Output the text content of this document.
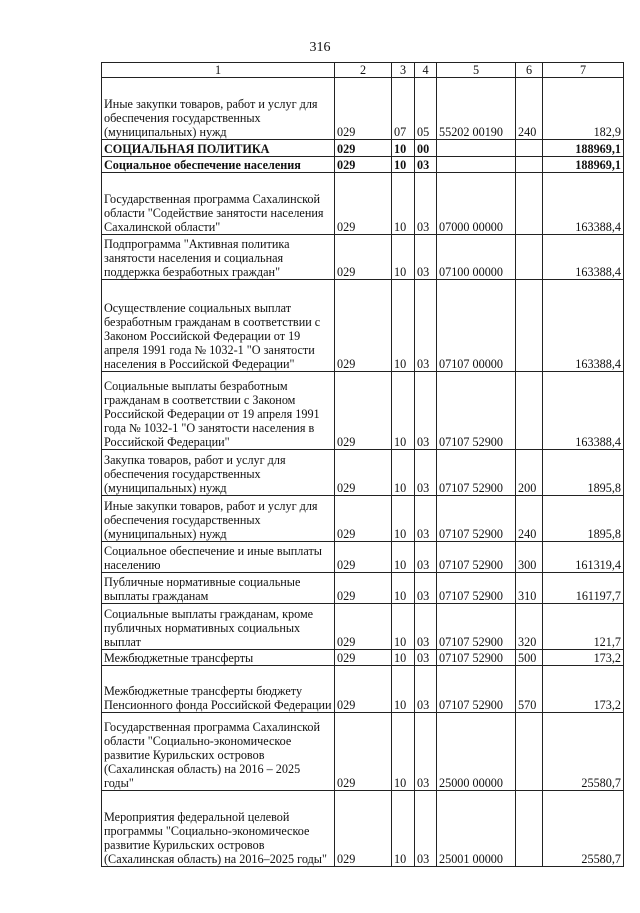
316
1	2	3	4	5	6	7
Иные закупки товаров, работ и услуг для обеспечения государственных (муниципальных) нужд	029	07	05	55202 00190	240	182,9
СОЦИАЛЬНАЯ ПОЛИТИКА	029	10	00			188969,1
Социальное обеспечение населения	029	10	03			188969,1
Государственная программа Сахалинской области "Содействие занятости населения Сахалинской области"	029	10	03	07000 00000		163388,4
Подпрограмма "Активная политика занятости населения и социальная поддержка безработных граждан"	029	10	03	07100 00000		163388,4
Осуществление социальных выплат безработным гражданам в соответствии с Законом Российской Федерации от 19 апреля 1991 года № 1032-1 "О занятости населения в Российской Федерации"	029	10	03	07107 00000		163388,4
Социальные выплаты безработным гражданам в соответствии с Законом Российской Федерации от 19 апреля 1991 года № 1032-1 "О занятости населения в Российской Федерации"	029	10	03	07107 52900		163388,4
Закупка товаров, работ и услуг для обеспечения государственных (муниципальных) нужд	029	10	03	07107 52900	200	1895,8
Иные закупки товаров, работ и услуг для обеспечения государственных (муниципальных) нужд	029	10	03	07107 52900	240	1895,8
Социальное обеспечение и иные выплаты населению	029	10	03	07107 52900	300	161319,4
Публичные нормативные социальные выплаты гражданам	029	10	03	07107 52900	310	161197,7
Социальные выплаты гражданам, кроме публичных нормативных социальных выплат	029	10	03	07107 52900	320	121,7
Межбюджетные трансферты	029	10	03	07107 52900	500	173,2
Межбюджетные трансферты бюджету Пенсионного фонда Российской Федерации	029	10	03	07107 52900	570	173,2
Государственная программа Сахалинской области "Социально-экономическое развитие Курильских островов (Сахалинская область) на 2016 – 2025 годы"	029	10	03	25000 00000		25580,7
Мероприятия федеральной целевой программы "Социально-экономическое развитие Курильских островов (Сахалинская область) на 2016–2025 годы"	029	10	03	25001 00000		25580,7
